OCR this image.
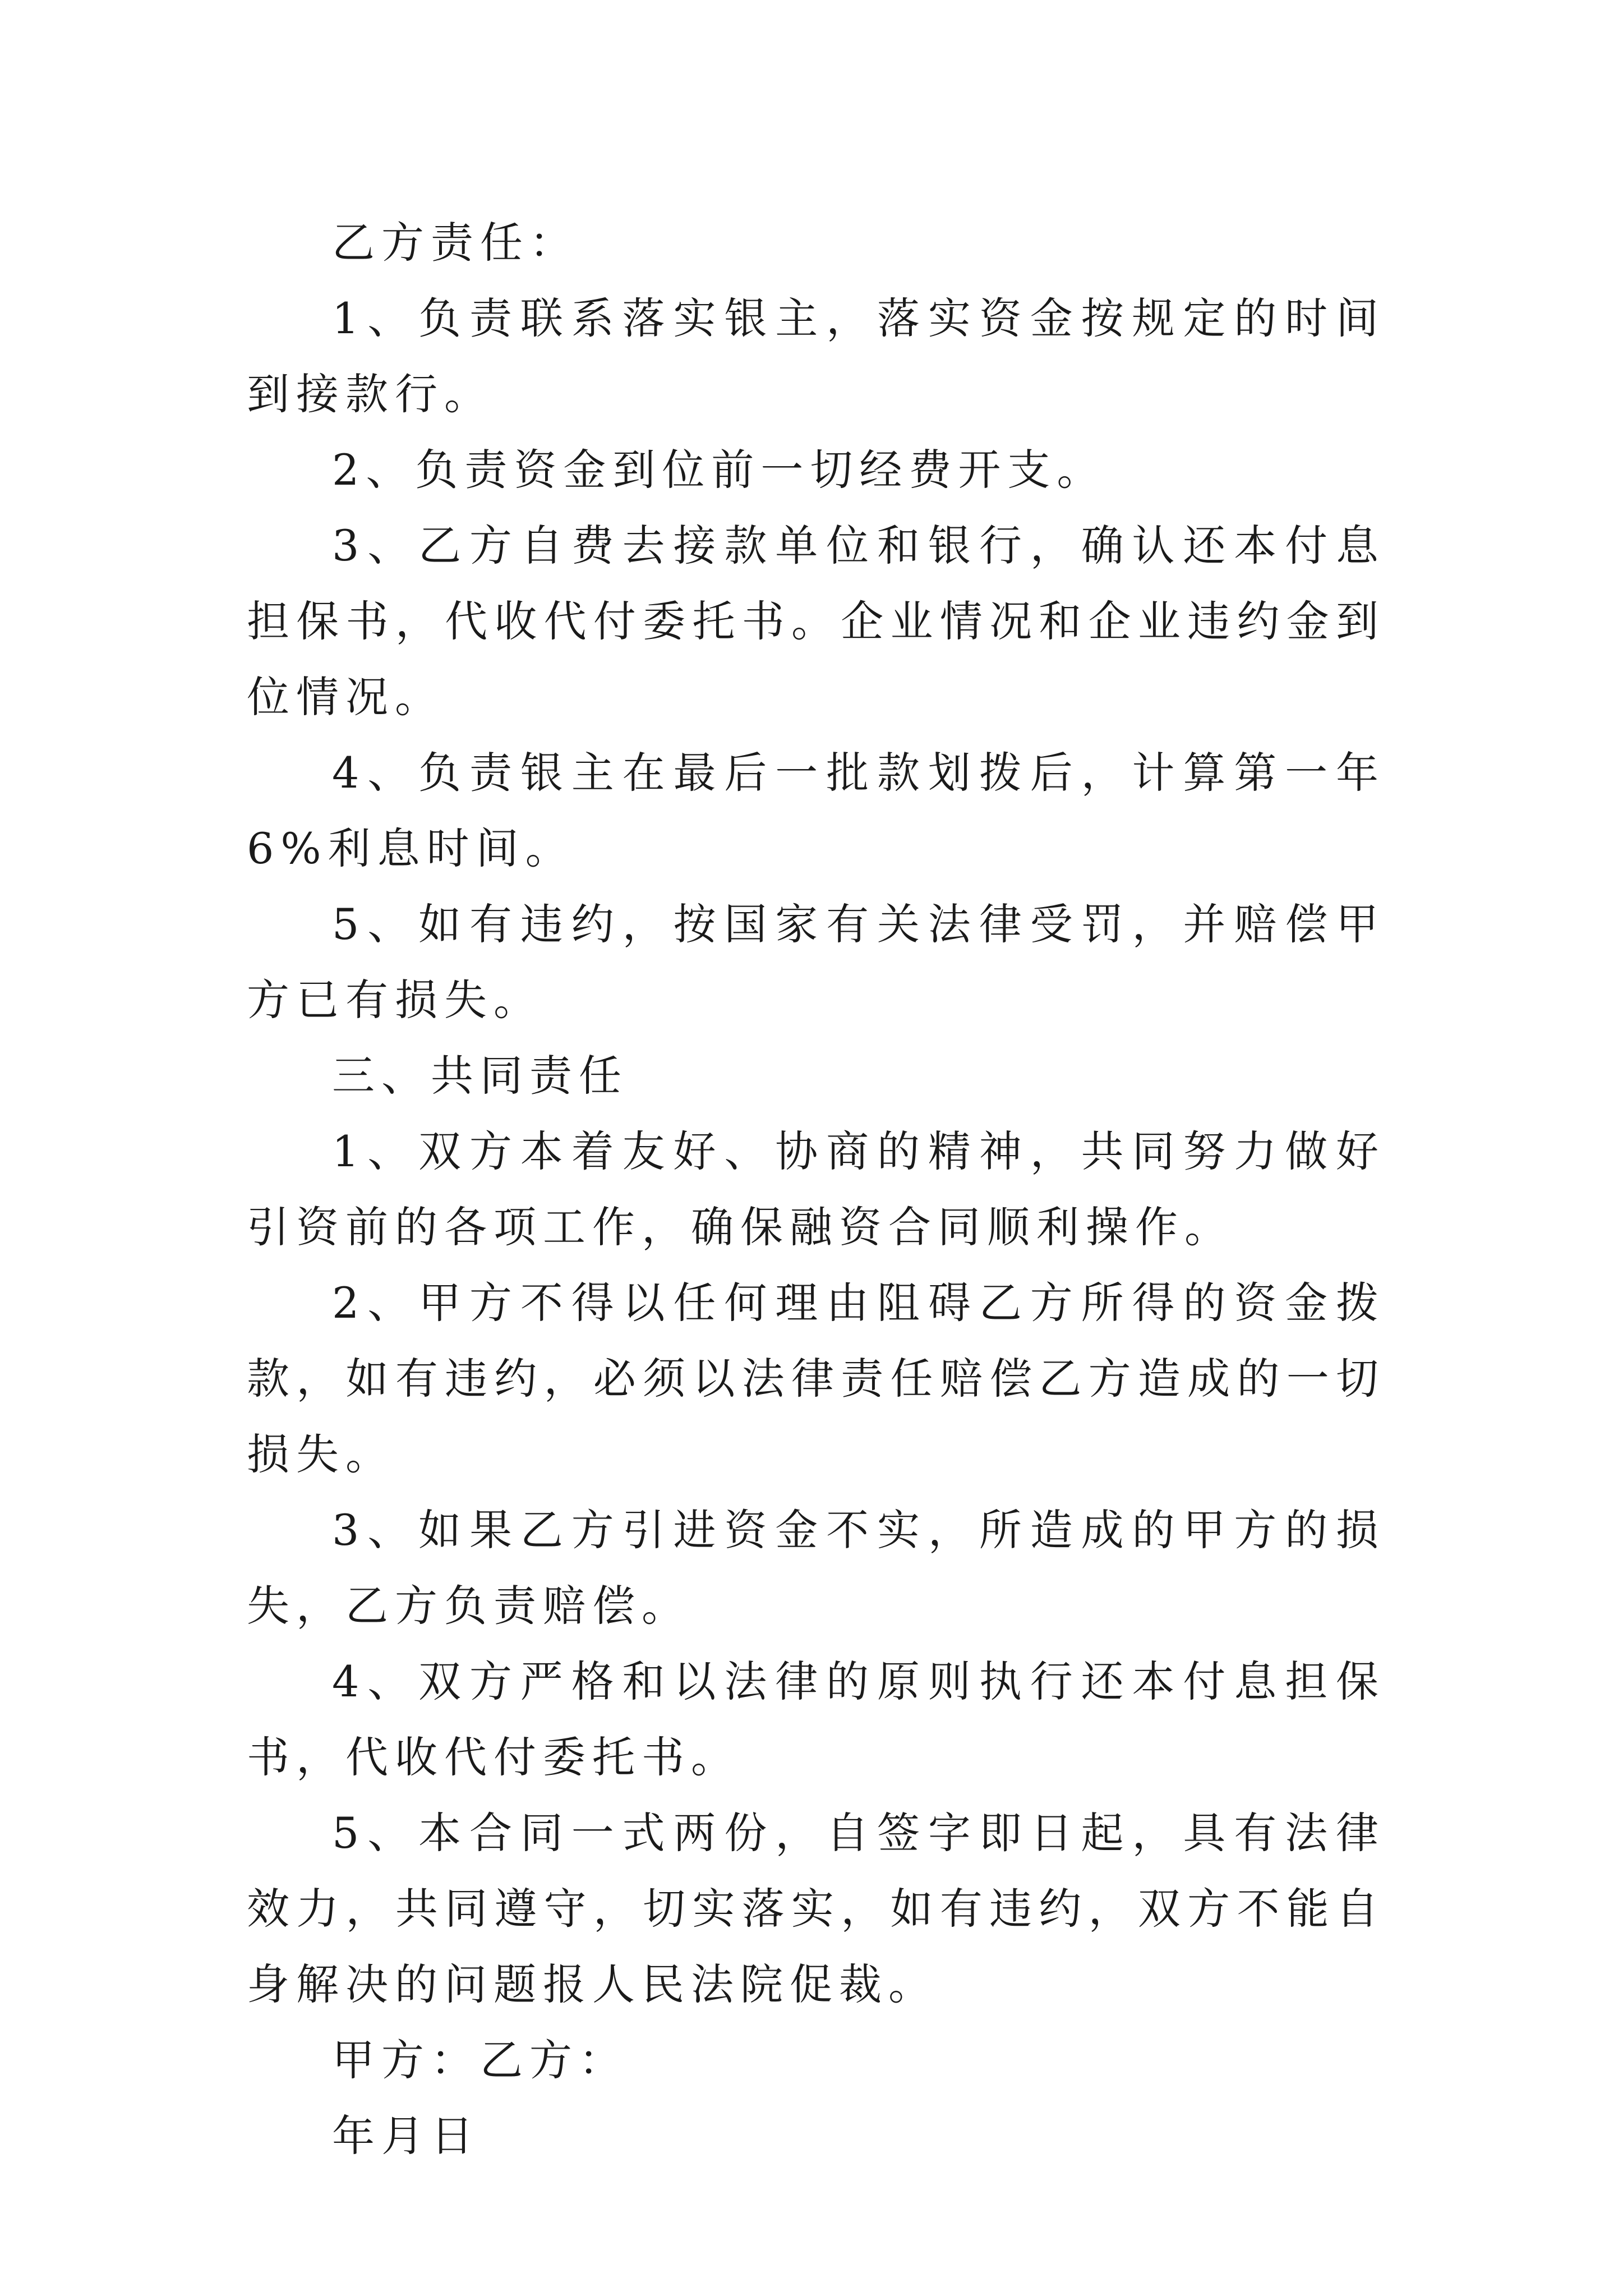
乙方责任：

1、负责联系落实银主，落实资金按规定的时间到接款行。

2、负责资金到位前一切经费开支。

3、乙方自费去接款单位和银行，确认还本付息担保书，代收代付委托书。企业情况和企业违约金到位情况。

4、负责银主在最后一批款划拨后，计算第一年6%利息时间。

5、如有违约，按国家有关法律受罚，并赔偿甲方已有损失。

三、共同责任

1、双方本着友好、协商的精神，共同努力做好引资前的各项工作，确保融资合同顺利操作。

2、甲方不得以任何理由阻碍乙方所得的资金拨款，如有违约，必须以法律责任赔偿乙方造成的一切损失。

3、如果乙方引进资金不实，所造成的甲方的损失，乙方负责赔偿。

4、双方严格和以法律的原则执行还本付息担保书，代收代付委托书。

5、本合同一式两份，自签字即日起，具有法律效力，共同遵守，切实落实，如有违约，双方不能自身解决的问题报人民法院促裁。

甲方：乙方：

年月日
